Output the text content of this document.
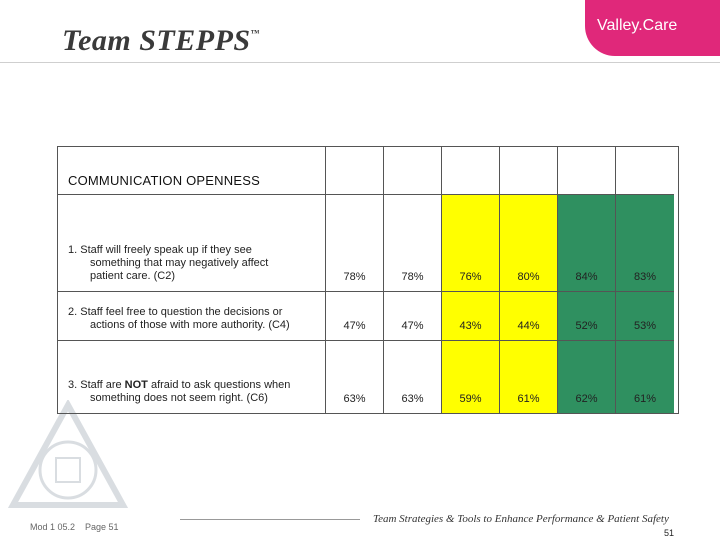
Team STEPPS™	Valley.Care
COMMUNICATION OPENNESS
1. Staff will freely speak up if they see
something that may negatively affect
patient care. (C2)	78%	78%	76%	80%	84%	83%
2. Staff feel free to question the decisions or
actions of those with more authority. (C4)	47%	47%	43%	44%	52%	53%
3. Staff are NOT afraid to ask questions when
something does not seem right. (C6)	63%	63%	59%	61%	62%	61%
Mod 1 05.2 Page 51
Team Strategies & Tools to Enhance Performance & Patient Safety
51
